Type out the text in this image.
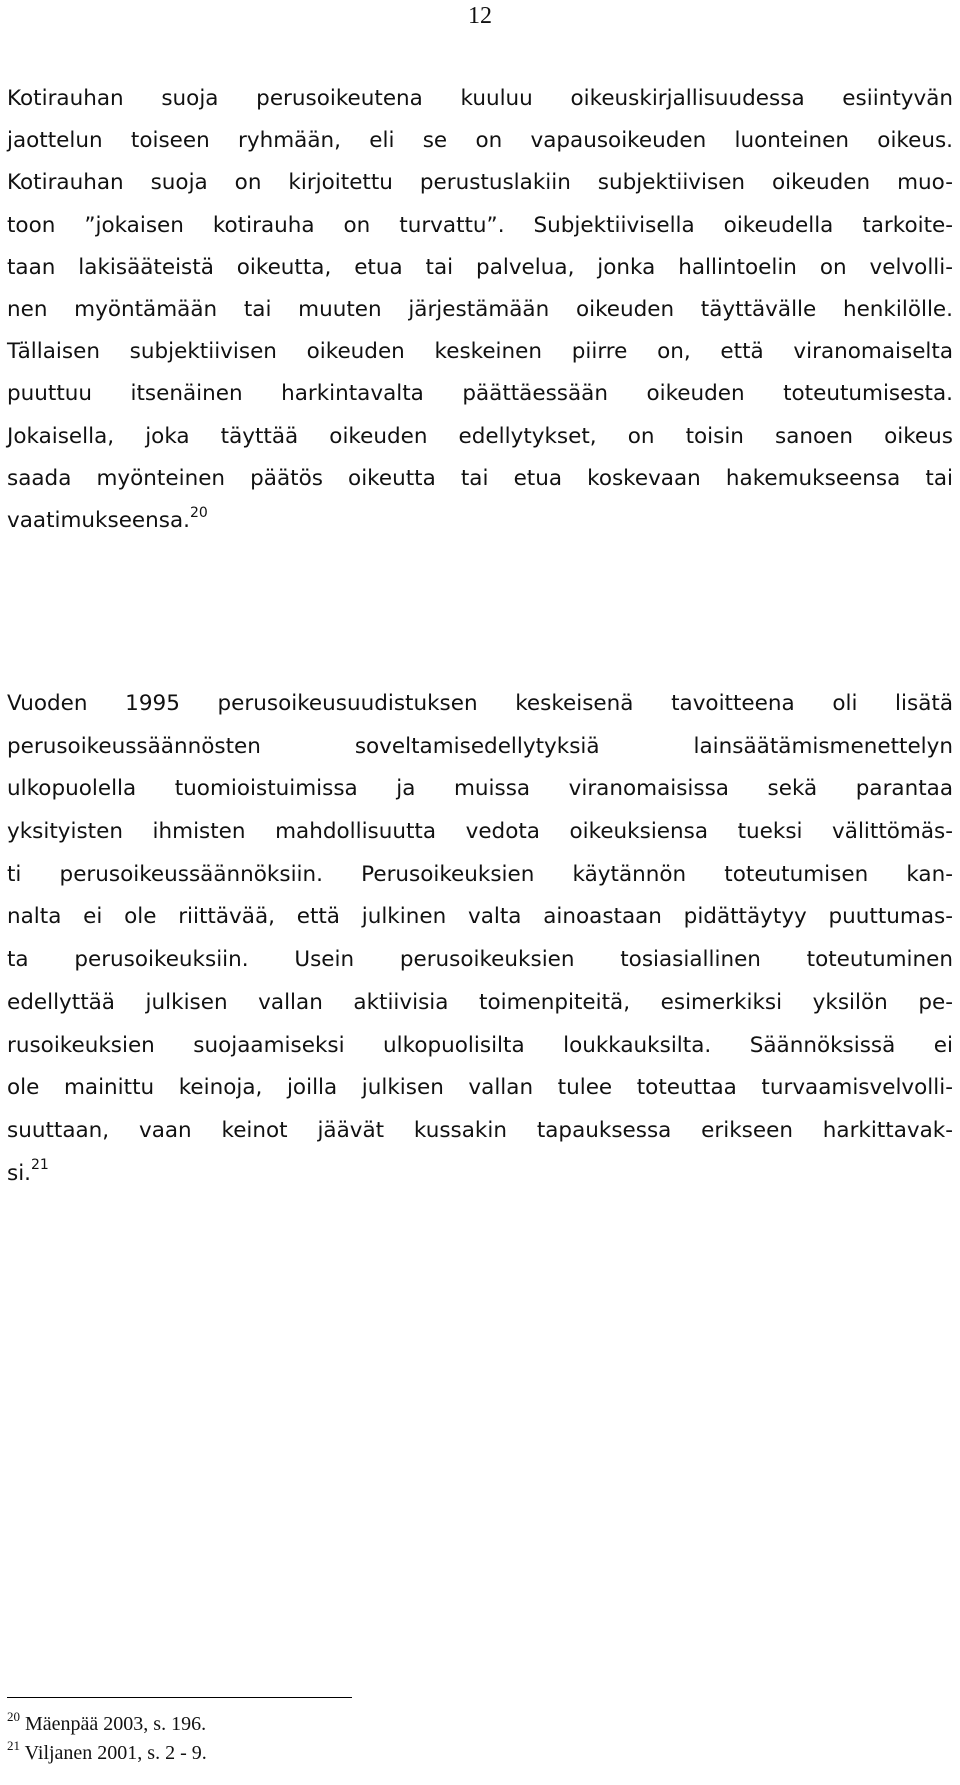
12
Kotirauhan suoja perusoikeutena kuuluu oikeuskirjallisuudessa esiintyvän
jaottelun toiseen ryhmään, eli se on vapausoikeuden luonteinen oikeus.
Kotirauhan suoja on kirjoitettu perustuslakiin subjektiivisen oikeuden muo-
toon ”jokaisen kotirauha on turvattu”. Subjektiivisella oikeudella tarkoite-
taan lakisääteistä oikeutta, etua tai palvelua, jonka hallintoelin on velvolli-
nen myöntämään tai muuten järjestämään oikeuden täyttävälle henkilölle.
Tällaisen subjektiivisen oikeuden keskeinen piirre on, että viranomaiselta
puuttuu itsenäinen harkintavalta päättäessään oikeuden toteutumisesta.
Jokaisella, joka täyttää oikeuden edellytykset, on toisin sanoen oikeus
saada myönteinen päätös oikeutta tai etua koskevaan hakemukseensa tai
vaatimukseensa.$^{20}$
Vuoden 1995 perusoikeusuudistuksen keskeisenä tavoitteena oli lisätä
perusoikeussäännösten soveltamisedellytyksiä lainsäätämismenettelyn
ulkopuolella tuomioistuimissa ja muissa viranomaisissa sekä parantaa
yksityisten ihmisten mahdollisuutta vedota oikeuksiensa tueksi välittömäs-
ti perusoikeussäännöksiin. Perusoikeuksien käytännön toteutumisen kan-
nalta ei ole riittävää, että julkinen valta ainoastaan pidättäytyy puuttumas-
ta perusoikeuksiin. Usein perusoikeuksien tosiasiallinen toteutuminen
edellyttää julkisen vallan aktiivisia toimenpiteitä, esimerkiksi yksilön pe-
rusoikeuksien suojaamiseksi ulkopuolisilta loukkauksilta. Säännöksissä ei
ole mainittu keinoja, joilla julkisen vallan tulee toteuttaa turvaamisvelvolli-
suuttaan, vaan keinot jäävät kussakin tapauksessa erikseen harkittavak-
si.$^{21}$
$^{20}$ Mäenpää 2003, s. 196.
$^{21}$ Viljanen 2001, s. 2 - 9.
